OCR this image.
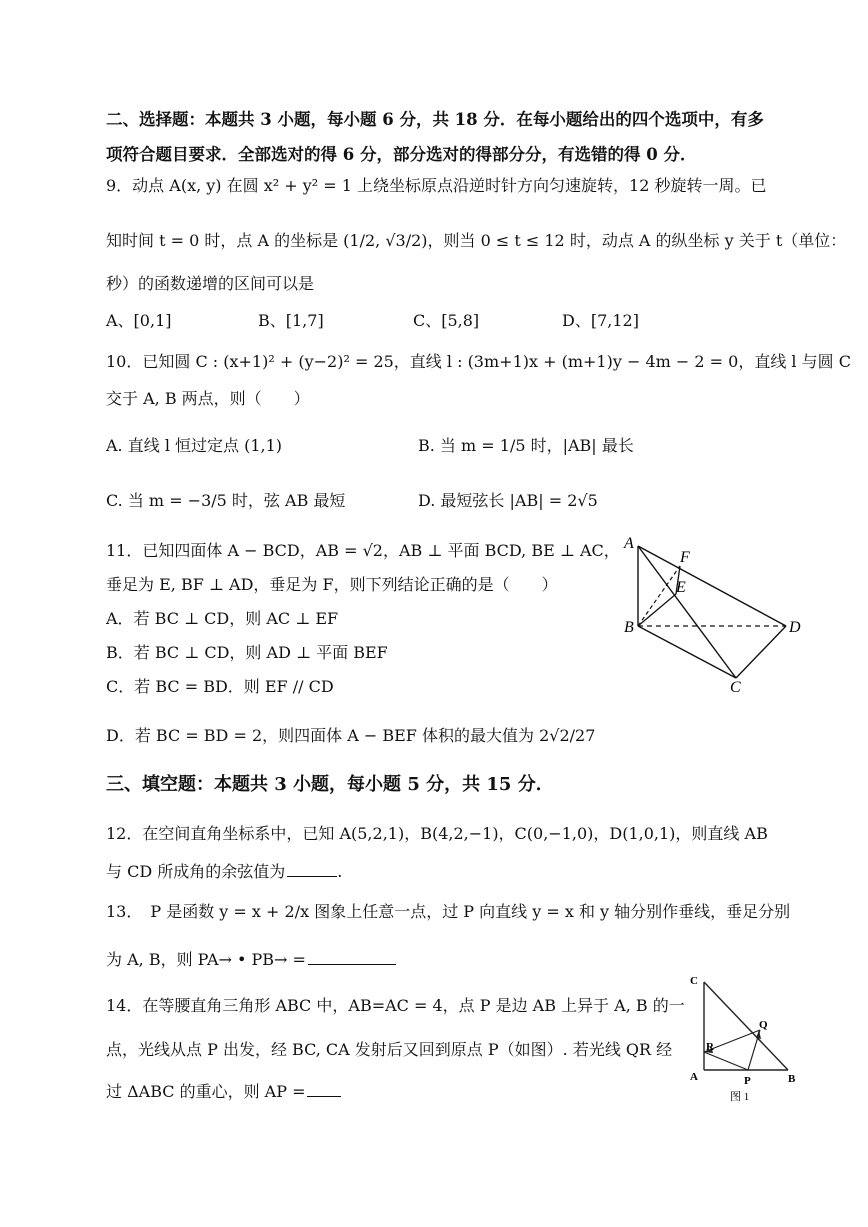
二、选择题：本题共 3 小题，每小题 6 分，共 18 分．在每小题给出的四个选项中，有多
项符合题目要求．全部选对的得 6 分，部分选对的得部分分，有选错的得 0 分．
9．动点 A(x, y) 在圆 x² + y² = 1 上绕坐标原点沿逆时针方向匀速旋转，12 秒旋转一周。已
知时间 t = 0 时，点 A 的坐标是 (1/2, √3/2)，则当 0 ≤ t ≤ 12 时，动点 A 的纵坐标 y 关于 t（单位：
秒）的函数递增的区间可以是
A、[0,1]	B、[1,7]	C、[5,8]	D、[7,12]
10．已知圆 C : (x+1)² + (y−2)² = 25，直线 l : (3m+1)x + (m+1)y − 4m − 2 = 0，直线 l 与圆 C
交于 A, B 两点，则（　　）
A. 直线 l 恒过定点 (1,1)	B. 当 m = 1/5 时，|AB| 最长
C. 当 m = −3/5 时，弦 AB 最短	D. 最短弦长 |AB| = 2√5
11．已知四面体 A − BCD，AB = √2，AB ⊥ 平面 BCD, BE ⊥ AC，
垂足为 E, BF ⊥ AD，垂足为 F，则下列结论正确的是（　　）
A．若 BC ⊥ CD，则 AC ⊥ EF
B．若 BC ⊥ CD，则 AD ⊥ 平面 BEF
C．若 BC = BD．则 EF // CD
D．若 BC = BD = 2，则四面体 A − BEF 体积的最大值为 2√2/27
A
F
E
B	D
C
三、填空题：本题共 3 小题，每小题 5 分，共 15 分．
12．在空间直角坐标系中，已知 A(5,2,1)，B(4,2,−1)，C(0,−1,0)，D(1,0,1)，则直线 AB
与 CD 所成角的余弦值为	.
13．　P 是函数 y = x + 2/x 图象上任意一点，过 P 向直线 y = x 和 y 轴分别作垂线，垂足分别
为 A, B，则 PA→ • PB→ =
14．在等腰直角三角形 ABC 中，AB=AC = 4，点 P 是边 AB 上异于 A, B 的一
点，光线从点 P 出发，经 BC, CA 发射后又回到原点 P（如图）. 若光线 QR 经
过 ΔABC 的重心，则 AP =
C
Q
R
A	P	B
图 1
